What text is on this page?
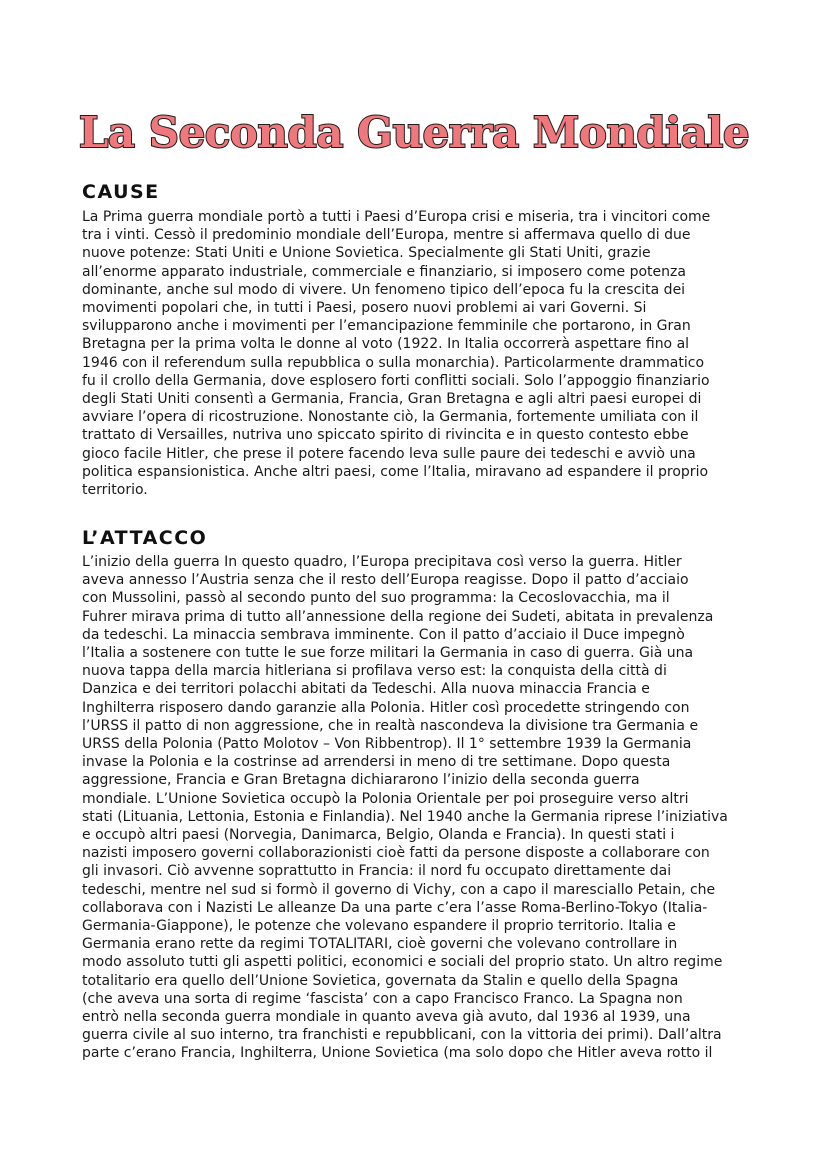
La Seconda Guerra Mondiale
CAUSE
La Prima guerra mondiale portò a tutti i Paesi d’Europa crisi e miseria, tra i vincitori come
tra i vinti. Cessò il predominio mondiale dell’Europa, mentre si affermava quello di due
nuove potenze: Stati Uniti e Unione Sovietica. Specialmente gli Stati Uniti, grazie
all’enorme apparato industriale, commerciale e finanziario, si imposero come potenza
dominante, anche sul modo di vivere. Un fenomeno tipico dell’epoca fu la crescita dei
movimenti popolari che, in tutti i Paesi, posero nuovi problemi ai vari Governi. Si
svilupparono anche i movimenti per l’emancipazione femminile che portarono, in Gran
Bretagna per la prima volta le donne al voto (1922. In Italia occorrerà aspettare fino al
1946 con il referendum sulla repubblica o sulla monarchia). Particolarmente drammatico
fu il crollo della Germania, dove esplosero forti conflitti sociali. Solo l’appoggio finanziario
degli Stati Uniti consentì a Germania, Francia, Gran Bretagna e agli altri paesi europei di
avviare l’opera di ricostruzione. Nonostante ciò, la Germania, fortemente umiliata con il
trattato di Versailles, nutriva uno spiccato spirito di rivincita e in questo contesto ebbe
gioco facile Hitler, che prese il potere facendo leva sulle paure dei tedeschi e avviò una
politica espansionistica. Anche altri paesi, come l’Italia, miravano ad espandere il proprio
territorio.
L’ATTACCO
L’inizio della guerra In questo quadro, l’Europa precipitava così verso la guerra. Hitler
aveva annesso l’Austria senza che il resto dell’Europa reagisse. Dopo il patto d’acciaio
con Mussolini, passò al secondo punto del suo programma: la Cecoslovacchia, ma il
Fuhrer mirava prima di tutto all’annessione della regione dei Sudeti, abitata in prevalenza
da tedeschi. La minaccia sembrava imminente. Con il patto d’acciaio il Duce impegnò
l’Italia a sostenere con tutte le sue forze militari la Germania in caso di guerra. Già una
nuova tappa della marcia hitleriana si profilava verso est: la conquista della città di
Danzica e dei territori polacchi abitati da Tedeschi. Alla nuova minaccia Francia e
Inghilterra risposero dando garanzie alla Polonia. Hitler così procedette stringendo con
l’URSS il patto di non aggressione, che in realtà nascondeva la divisione tra Germania e
URSS della Polonia (Patto Molotov – Von Ribbentrop). Il 1° settembre 1939 la Germania
invase la Polonia e la costrinse ad arrendersi in meno di tre settimane. Dopo questa
aggressione, Francia e Gran Bretagna dichiararono l’inizio della seconda guerra
mondiale. L’Unione Sovietica occupò la Polonia Orientale per poi proseguire verso altri
stati (Lituania, Lettonia, Estonia e Finlandia). Nel 1940 anche la Germania riprese l’iniziativa
e occupò altri paesi (Norvegia, Danimarca, Belgio, Olanda e Francia). In questi stati i
nazisti imposero governi collaborazionisti cioè fatti da persone disposte a collaborare con
gli invasori. Ciò avvenne soprattutto in Francia: il nord fu occupato direttamente dai
tedeschi, mentre nel sud si formò il governo di Vichy, con a capo il maresciallo Petain, che
collaborava con i Nazisti Le alleanze Da una parte c’era l’asse Roma-Berlino-Tokyo (Italia-
Germania-Giappone), le potenze che volevano espandere il proprio territorio. Italia e
Germania erano rette da regimi TOTALITARI, cioè governi che volevano controllare in
modo assoluto tutti gli aspetti politici, economici e sociali del proprio stato. Un altro regime
totalitario era quello dell’Unione Sovietica, governata da Stalin e quello della Spagna
(che aveva una sorta di regime ‘fascista’ con a capo Francisco Franco. La Spagna non
entrò nella seconda guerra mondiale in quanto aveva già avuto, dal 1936 al 1939, una
guerra civile al suo interno, tra franchisti e repubblicani, con la vittoria dei primi). Dall’altra
parte c’erano Francia, Inghilterra, Unione Sovietica (ma solo dopo che Hitler aveva rotto il
